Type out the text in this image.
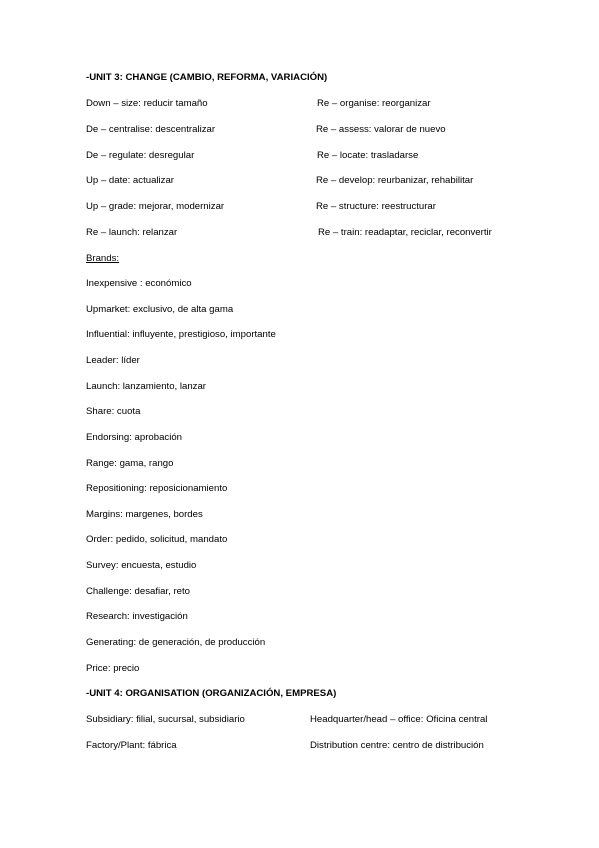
-UNIT 3: CHANGE (CAMBIO, REFORMA, VARIACIÓN)
Down – size: reducir tamaño
De – centralise: descentralizar
De – regulate: desregular
Up – date: actualizar
Up – grade: mejorar, modernizar
Re – launch: relanzar
Re – organise: reorganizar
Re – assess: valorar de nuevo
Re – locate: trasladarse
Re – develop: reurbanizar, rehabilitar
Re – structure: reestructurar
Re – train: readaptar, reciclar, reconvertir
Brands:
Inexpensive : económico
Upmarket: exclusivo, de alta gama
Influential: influyente, prestigioso, importante
Leader: líder
Launch: lanzamiento, lanzar
Share: cuota
Endorsing: aprobación
Range: gama, rango
Repositioning: reposicionamiento
Margins: margenes, bordes
Order: pedido, solicitud, mandato
Survey: encuesta, estudio
Challenge: desafiar, reto
Research: investigación
Generating: de generación, de producción
Price: precio
-UNIT 4: ORGANISATION (ORGANIZACIÓN, EMPRESA)
Subsidiary: filial, sucursal, subsidiario
Factory/Plant: fábrica
Headquarter/head – office: Oficina central
Distribution centre: centro de distribución
